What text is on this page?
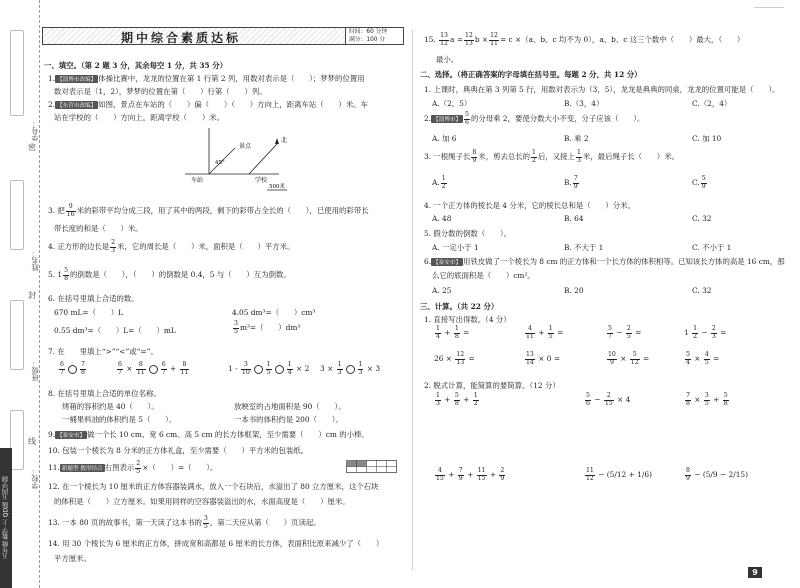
学号：
姓名：
班级：
学校：
密
封
线
五年级 数学 上 QD版 五四学制
期中综合素质达标	时间：60 分钟
满分：100 分
一、填空。（第 2 题 3 分，其余每空 1 分，共 35 分）
1. 【淄博市改编】 体操比赛中，龙龙的位置在第 1 行第 2 列，用数对表示是（　　）；梦梦的位置用
数对表示是（1，2），梦梦的位置在第（　　）行第（　　）列。
2. 【东营市改编】 如图，景点在车站的（　　）偏（　　）（　　）方向上，距离车站（　　）米。车
站在学校的（　　）方向上，距离学校（　　）米。
北
景点
45°
车站	学校
500米
3. 把 $\frac{9}{16}$ 米的彩带平均分成三段，用了其中的两段，剩下的彩带占全长的（　　），已使用的彩带长
带长度的和是（　　）米。
4. 正方形的边长是 $\frac{2}{3}$ 米，它的周长是（　　）米，面积是（　　）平方米。
5. $1 \frac{5}{8}$ 的倒数是（　　），（　　）的倒数是 0.4，5 与（　　）互为倒数。
6. 在括号里填上合适的数。
670 mL=（　　）L	4.05 dm³=（　　）cm³
0.55 dm³=（　　）L=（　　）mL	$\frac{3}{5} m^3=$（　　）dm³
7. 在　　里填上“>”“<”或“=”。
$\frac{6}{7} \frac{7}{8}$	$\frac{6}{7} \times \frac{8}{11} \frac{6}{7} + \frac{8}{11}$	$1 - \frac{3}{10} \frac{1}{5} \frac{1}{4} \times 2$ $3 \times \frac{1}{3} \frac{1}{3} \times 3$
8. 在括号里填上合适的单位名称。
烤箱的容积约是 40（　　）。	放映室的占地面积是 90（　　）。
一桶果料油的体积约是 5（　　）。	一本书的体积约是 200（　　）。
9. 【泰安市】 做一个长 10 cm、宽 6 cm、高 5 cm 的长方体框架，至少需要（　　）cm 的小棒。
10. 包装一个棱长为 8 分米的正方体礼盒，至少需要（　　）平方米的包装纸。
11. 新题型 数形结合 右图表示 $\frac{2}{5}$ ×（　　）=（　　）。
12. 在一个棱长为 10 厘米的正方体容器装满水，放入一个石块后，水溢出了 80 立方厘米，这个石块
的体积是（　　）立方厘米。如果用同样的空容器装溢出的水，水面高度是（　　）厘米。
13. 一本 80 页的故事书，第一天读了这本书的 $\frac{3}{5}$ ，第二天应从第（　　）页读起。
14. 用 30 个棱长为 6 厘米的正方体，拼成宽和高都是 6 厘米的长方体，表面积比原来减少了（　　）
平方厘米。
15. $\frac{13}{12}$ $a = \frac{12}{13}$ $b \times \frac{12}{11} = c \times(a$、b、c 均不为 0），a、b、c 这三个数中（　　）最大，（　　）
最小。
二、选择。（将正确答案的字母填在括号里。每题 2 分，共 12 分）
1. 上课时，典典在第 3 列第 5 行，用数对表示为（3，5），龙龙是典典的同桌，龙龙的位置可能是（　　）。
A.（2，5）	B.（3，4）	C.（2，4）
2. 【淄博市】 $\frac{5}{6}$ 的分母乘 2，要使分数大小不变，分子应该（　　）。
A. 加 6	B. 乘 2	C. 加 10
3. 一根绳子长 $\frac{8}{9}$ 米，剪去总长的 $\frac{1}{2}$ 后，又接上 $\frac{1}{3}$ 米，最后绳子长（　　）米。
A. $\frac{1}{2}$	B. $\frac{7}{9}$	C. $\frac{5}{9}$
4. 一个正方体的棱长是 4 分米，它的棱长总和是（　　）分米。
A. 48	B. 64	C. 32
5. 假分数的倒数（　　）。
A. 一定小于 1	B. 不大于 1	C. 不小于 1
6. 【泰安市】 用铁皮做了一个棱长为 8 cm 的正方体和一个长方体的体积相等。已知该长方体的高是 16 cm，那
么它的底面积是（　　）cm²。
A. 25	B. 20	C. 32
三、计算。（共 22 分）
1. 直接写出得数。（4 分）
$\frac{1}{4} + \frac{1}{8}$ =	$\frac{4}{11} + \frac{1}{5}$ =	$\frac{5}{7} - \frac{2}{5}$ =	$1 \frac{1}{2} - \frac{2}{3}$ =
$26 \times \frac{12}{13}$ =	$\frac{13}{14} \times 0$ =	$\frac{10}{9} \times \frac{5}{12}$ =	$\frac{5}{4} \times \frac{4}{5}$ =
2. 脱式计算，能简算的要简算。（12 分）
$\frac{1}{3} + \frac{5}{8} + \frac{1}{2}$	$\frac{5}{6} - \frac{2}{15} \times 4$	$\frac{7}{8} \times \frac{3}{5} + \frac{5}{8}$
$\frac{4}{15} + \frac{7}{9} + \frac{11}{15} + \frac{2}{9}$	$\frac{11}{12} - (5/12 + 1/6)$	$\frac{8}{9} - (5/9 - 2/15)$
9
